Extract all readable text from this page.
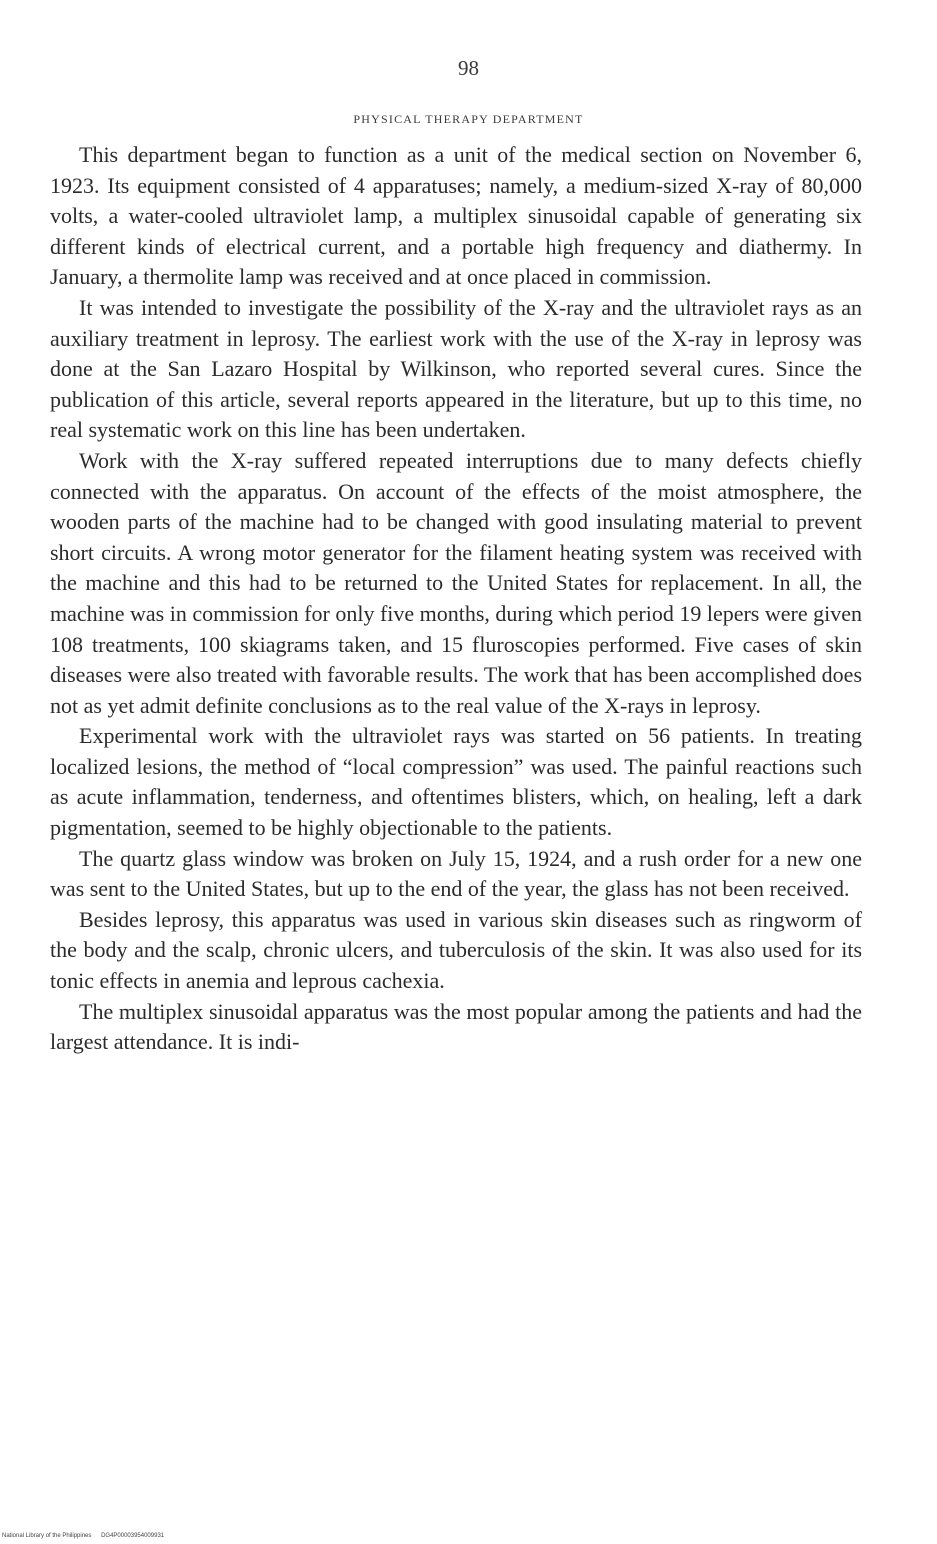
98
PHYSICAL THERAPY DEPARTMENT

This department began to function as a unit of the medical section on November 6, 1923. Its equipment consisted of 4 apparatuses; namely, a medium-sized X-ray of 80,000 volts, a water-cooled ultraviolet lamp, a multiplex sinusoidal capable of generating six different kinds of electrical current, and a portable high frequency and diathermy. In January, a thermolite lamp was received and at once placed in commission.

It was intended to investigate the possibility of the X-ray and the ultraviolet rays as an auxiliary treatment in leprosy. The earliest work with the use of the X-ray in leprosy was done at the San Lazaro Hospital by Wilkinson, who reported several cures. Since the publication of this article, several reports appeared in the literature, but up to this time, no real systematic work on this line has been undertaken.

Work with the X-ray suffered repeated interruptions due to many defects chiefly connected with the apparatus. On account of the effects of the moist atmosphere, the wooden parts of the machine had to be changed with good insulating material to prevent short circuits. A wrong motor generator for the filament heating system was received with the machine and this had to be returned to the United States for replacement. In all, the machine was in commission for only five months, during which period 19 lepers were given 108 treatments, 100 skiagrams taken, and 15 fluroscopies performed. Five cases of skin diseases were also treated with favorable results. The work that has been accomplished does not as yet admit definite conclusions as to the real value of the X-rays in leprosy.

Experimental work with the ultraviolet rays was started on 56 patients. In treating localized lesions, the method of “local compression” was used. The painful reactions such as acute inflammation, tenderness, and oftentimes blisters, which, on healing, left a dark pigmentation, seemed to be highly objectionable to the patients.

The quartz glass window was broken on July 15, 1924, and a rush order for a new one was sent to the United States, but up to the end of the year, the glass has not been received.

Besides leprosy, this apparatus was used in various skin diseases such as ringworm of the body and the scalp, chronic ulcers, and tuberculosis of the skin. It was also used for its tonic effects in anemia and leprous cachexia.

The multiplex sinusoidal apparatus was the most popular among the patients and had the largest attendance. It is indi-

National Library of the Philippines DG4P00003954009931
